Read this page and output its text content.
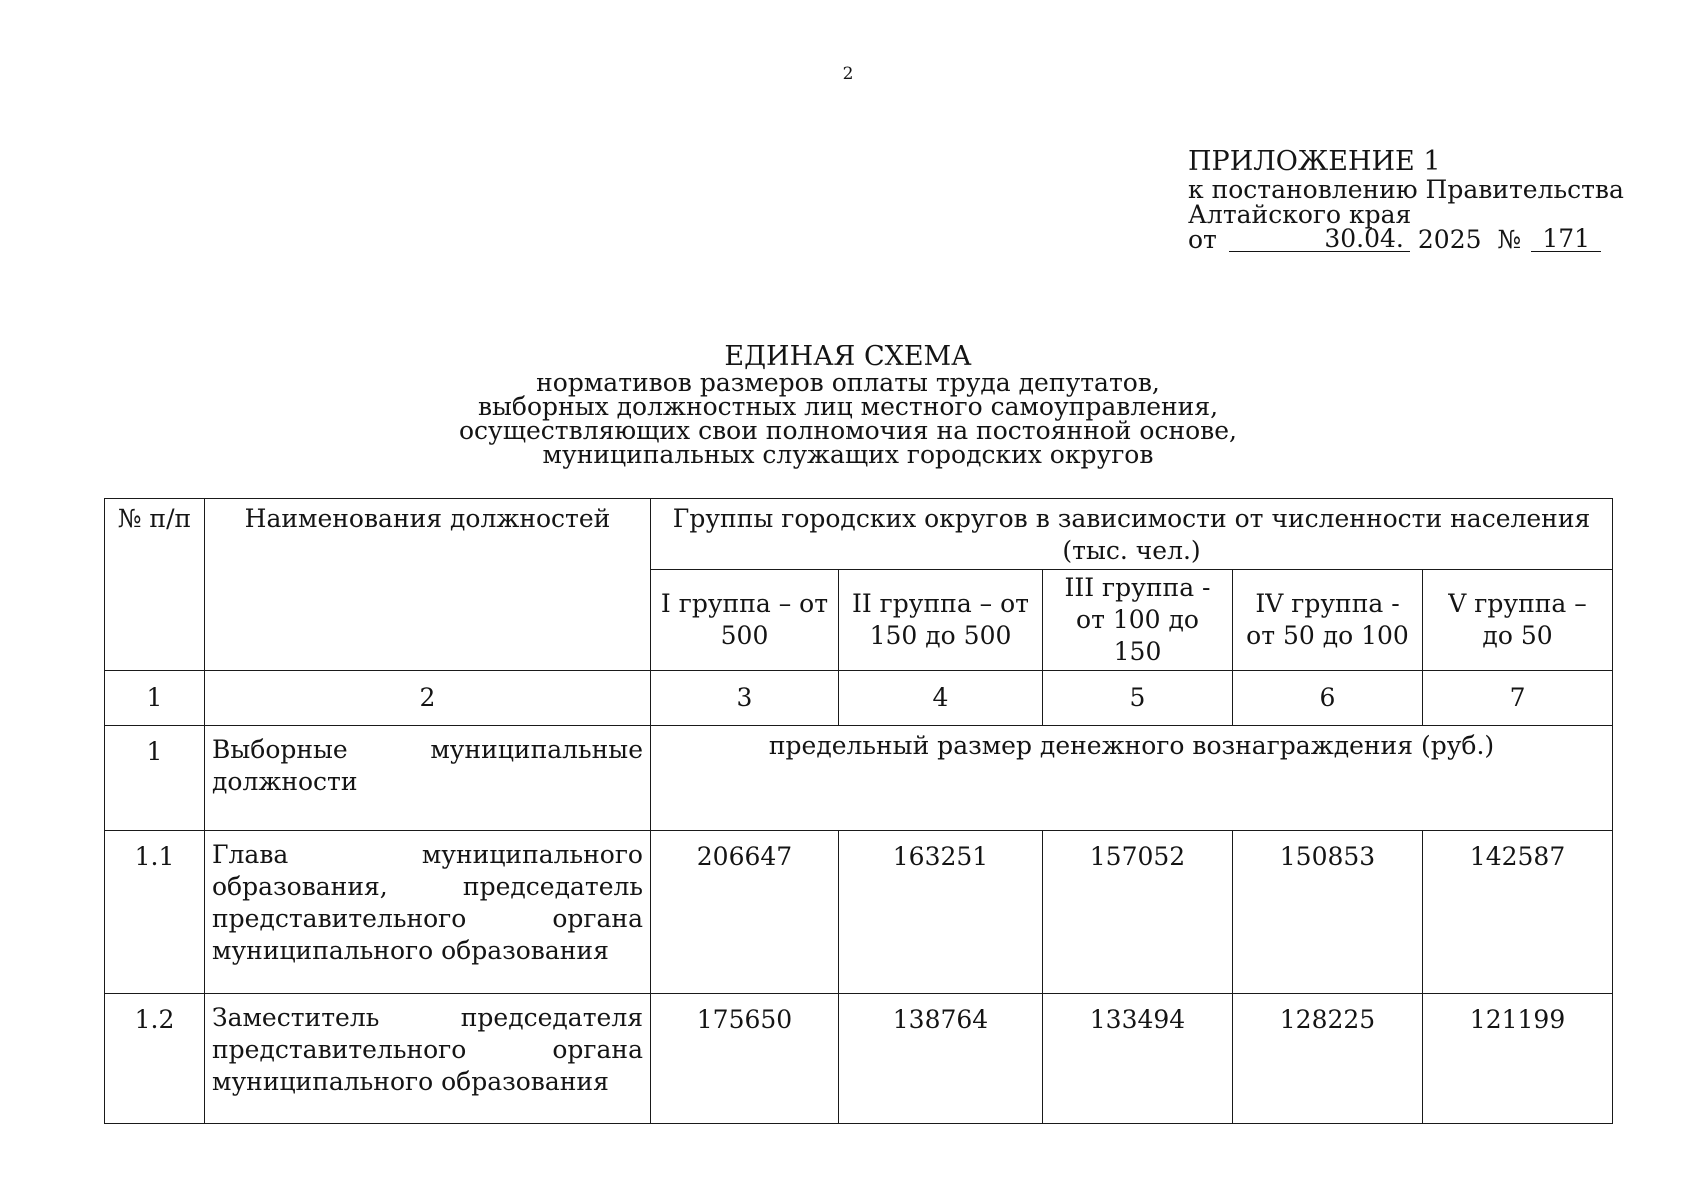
2
ПРИЛОЖЕНИЕ 1
к постановлению Правительства
Алтайского края
от	30.04. 2025 № 171
ЕДИНАЯ СХЕМА
нормативов размеров оплаты труда депутатов,
выборных должностных лиц местного самоуправления,
осуществляющих свои полномочия на постоянной основе,
муниципальных служащих городских округов
№ п/п	Наименования должностей	Группы городских округов в зависимости от численности населения (тыс. чел.)				
		I группа – от 500	II группа – от 150 до 500	III группа - от 100 до 150	IV группа - от 50 до 100	V группа – до 50
1	2	3	4	5	6	7
1	Выборные муниципальные должности	предельный размер денежного вознаграждения (руб.)				
1.1	Глава муниципального образования, председатель представительного органа муниципального образования	206647	163251	157052	150853	142587
1.2	Заместитель председателя представительного органа муниципального образования	175650	138764	133494	128225	121199
